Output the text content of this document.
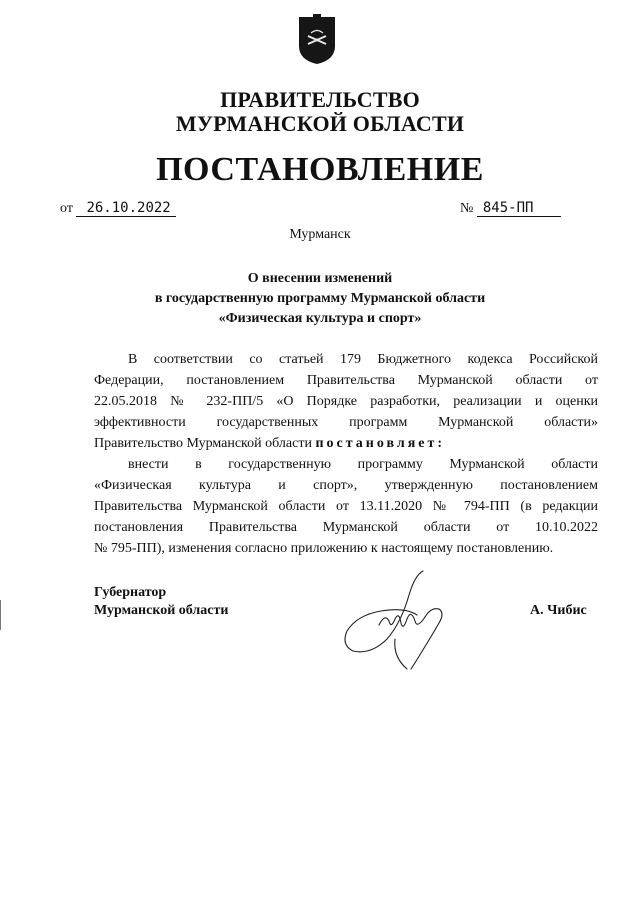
ПРАВИТЕЛЬСТВО
МУРМАНСКОЙ ОБЛАСТИ
ПОСТАНОВЛЕНИЕ
от 26.10.2022	№ 845-ПП
Мурманск
О внесении изменений
в государственную программу Мурманской области
«Физическая культура и спорт»
В соответствии со статьей 179 Бюджетного кодекса Российской
Федерации, постановлением Правительства Мурманской области от
22.05.2018 № 232-ПП/5 «О Порядке разработки, реализации и оценки
эффективности государственных программ Мурманской области»
Правительство Мурманской области постановляет:
внести в государственную программу Мурманской области
«Физическая культура и спорт», утвержденную постановлением
Правительства Мурманской области от 13.11.2020 № 794-ПП (в редакции
постановления Правительства Мурманской области от 10.10.2022
№ 795-ПП), изменения согласно приложению к настоящему постановлению.
Губернатор
Мурманской области	А. Чибис
